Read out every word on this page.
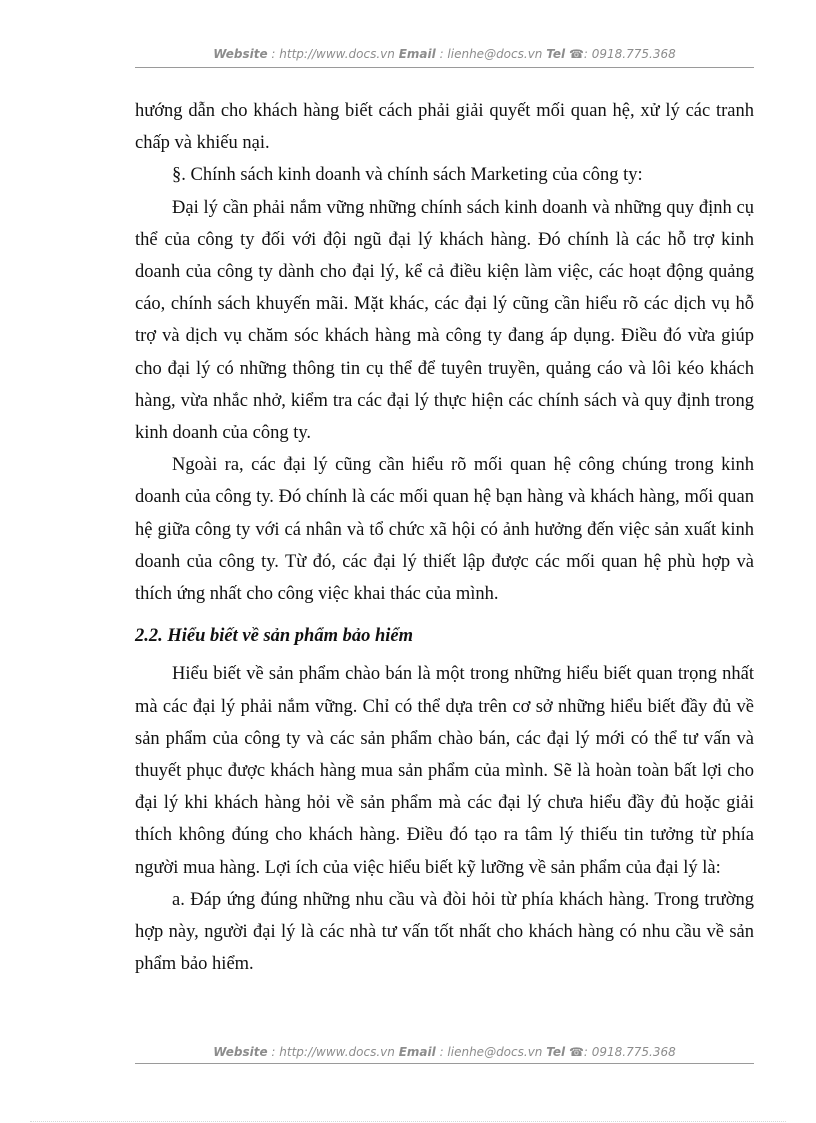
Website : http://www.docs.vn Email : lienhe@docs.vn Tel ☎: 0918.775.368

hướng dẫn cho khách hàng biết cách phải giải quyết mối quan hệ, xử lý các tranh chấp và khiếu nại.

§. Chính sách kinh doanh và chính sách Marketing của công ty:

Đại lý cần phải nắm vững những chính sách kinh doanh và những quy định cụ thể của công ty đối với đội ngũ đại lý khách hàng. Đó chính là các hỗ trợ kinh doanh của công ty dành cho đại lý, kể cả điều kiện làm việc, các hoạt động quảng cáo, chính sách khuyến mãi. Mặt khác, các đại lý cũng cần hiểu rõ các dịch vụ hỗ trợ và dịch vụ chăm sóc khách hàng mà công ty đang áp dụng. Điều đó vừa giúp cho đại lý có những thông tin cụ thể để tuyên truyền, quảng cáo và lôi kéo khách hàng, vừa nhắc nhở, kiểm tra các đại lý thực hiện các chính sách và quy định trong kinh doanh của công ty.

Ngoài ra, các đại lý cũng cần hiểu rõ mối quan hệ công chúng trong kinh doanh của công ty. Đó chính là các mối quan hệ bạn hàng và khách hàng, mối quan hệ giữa công ty với cá nhân và tổ chức xã hội có ảnh hưởng đến việc sản xuất kinh doanh của công ty. Từ đó, các đại lý thiết lập được các mối quan hệ phù hợp và thích ứng nhất cho công việc khai thác của mình.

2.2. Hiểu biết về sản phẩm bảo hiểm

Hiểu biết về sản phẩm chào bán là một trong những hiểu biết quan trọng nhất mà các đại lý phải nắm vững. Chỉ có thể dựa trên cơ sở những hiểu biết đầy đủ về sản phẩm của công ty và các sản phẩm chào bán, các đại lý mới có thể tư vấn và thuyết phục được khách hàng mua sản phẩm của mình. Sẽ là hoàn toàn bất lợi cho đại lý khi khách hàng hỏi về sản phẩm mà các đại lý chưa hiểu đầy đủ hoặc giải thích không đúng cho khách hàng. Điều đó tạo ra tâm lý thiếu tin tưởng từ phía người mua hàng. Lợi ích của việc hiểu biết kỹ lưỡng về sản phẩm của đại lý là:

a. Đáp ứng đúng những nhu cầu và đòi hỏi từ phía khách hàng. Trong trường hợp này, người đại lý là các nhà tư vấn tốt nhất cho khách hàng có nhu cầu về sản phẩm bảo hiểm.

Website : http://www.docs.vn Email : lienhe@docs.vn Tel ☎: 0918.775.368
